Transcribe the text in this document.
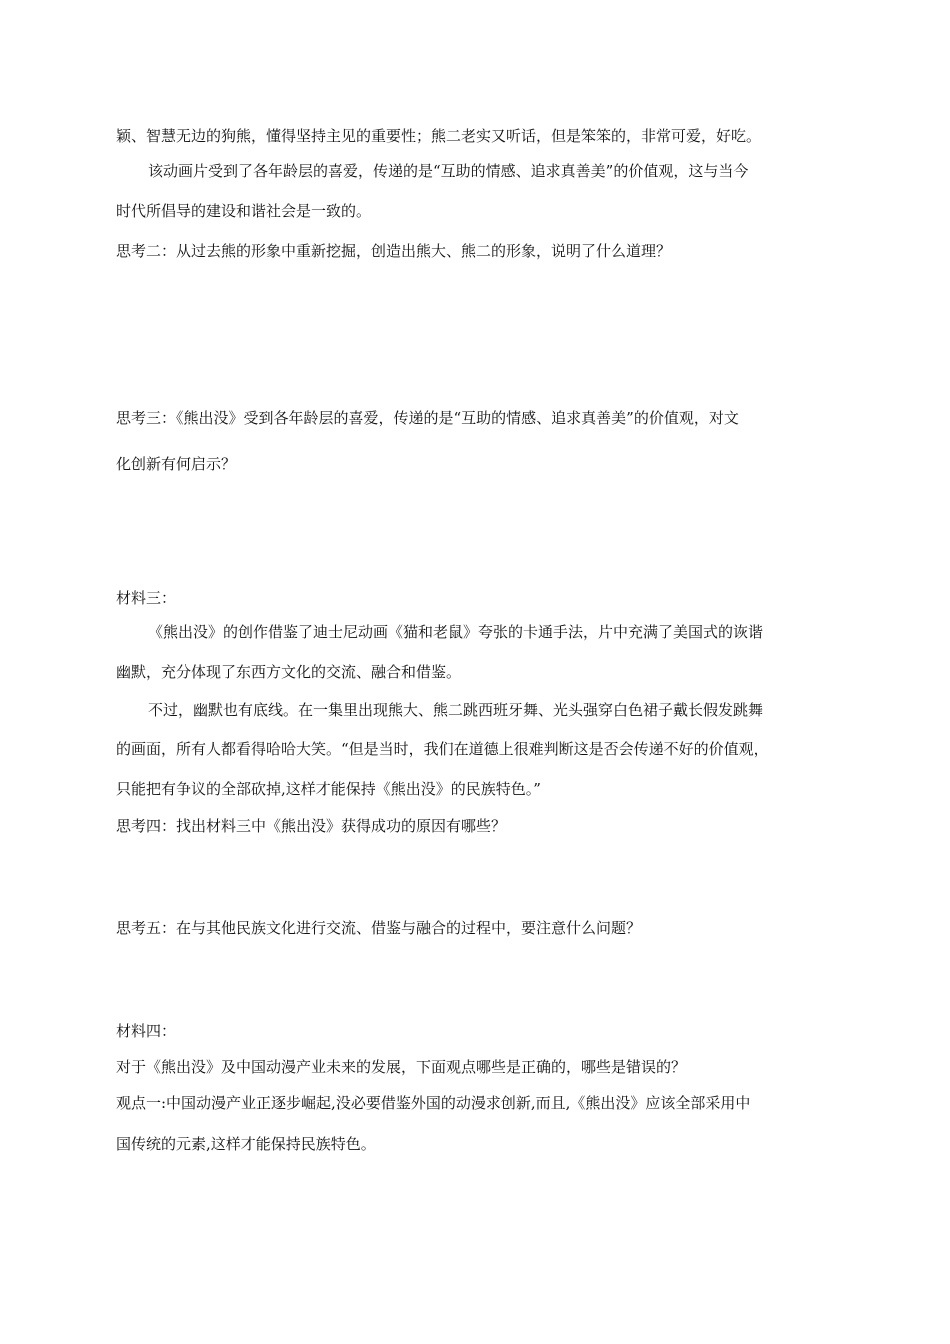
颖、智慧无边的狗熊，懂得坚持主见的重要性；熊二老实又听话，但是笨笨的，非常可爱，好吃。
该动画片受到了各年龄层的喜爱，传递的是“互助的情感、追求真善美”的价值观，这与当今
时代所倡导的建设和谐社会是一致的。
思考二：从过去熊的形象中重新挖掘，创造出熊大、熊二的形象，说明了什么道理？
思考三：《熊出没》受到各年龄层的喜爱，传递的是“互助的情感、追求真善美”的价值观，对文
化创新有何启示？
材料三：
《熊出没》的创作借鉴了迪士尼动画《猫和老鼠》夸张的卡通手法，片中充满了美国式的诙谐
幽默，充分体现了东西方文化的交流、融合和借鉴。
不过，幽默也有底线。在一集里出现熊大、熊二跳西班牙舞、光头强穿白色裙子戴长假发跳舞
的画面，所有人都看得哈哈大笑。“但是当时，我们在道德上很难判断这是否会传递不好的价值观，
只能把有争议的全部砍掉,这样才能保持《熊出没》的民族特色。”
思考四：找出材料三中《熊出没》获得成功的原因有哪些？
思考五：在与其他民族文化进行交流、借鉴与融合的过程中，要注意什么问题？
材料四：
对于《熊出没》及中国动漫产业未来的发展，下面观点哪些是正确的，哪些是错误的？
观点一:中国动漫产业正逐步崛起,没必要借鉴外国的动漫求创新,而且,《熊出没》应该全部采用中
国传统的元素,这样才能保持民族特色。
